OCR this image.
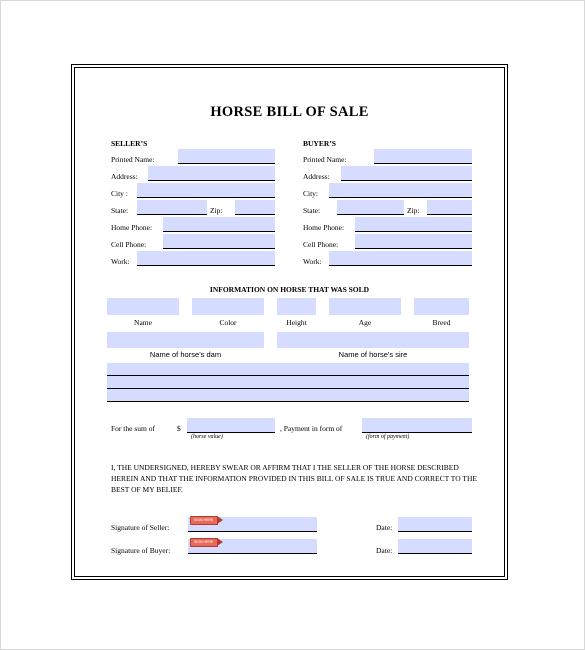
HORSE BILL OF SALE
SELLER’S
Printed Name:
Address:
City :
State:	Zip:
Home Phone:
Cell Phone:
Work:
BUYER’S
Printed Name:
Address:
City:
State:	Zip:
Home Phone:
Cell Phone:
Work:
INFORMATION ON HORSE THAT WAS SOLD
Name	Color	Height	Age	Breed
Name of horse’s dam	Name of horse’s sire
For the sum of	$
(horse value)
, Payment in form of
(form of payment)
I, THE UNDERSIGNED, HEREBY SWEAR OR AFFIRM THAT I THE SELLER OF THE HORSE DESCRIBED HEREIN AND THAT THE INFORMATION PROVIDED IN THIS BILL OF SALE IS TRUE AND CORRECT TO THE BEST OF MY BELIEF.
Signature of Seller:
SIGN HERE
Date:
Signature of Buyer:
SIGN HERE
Date:
